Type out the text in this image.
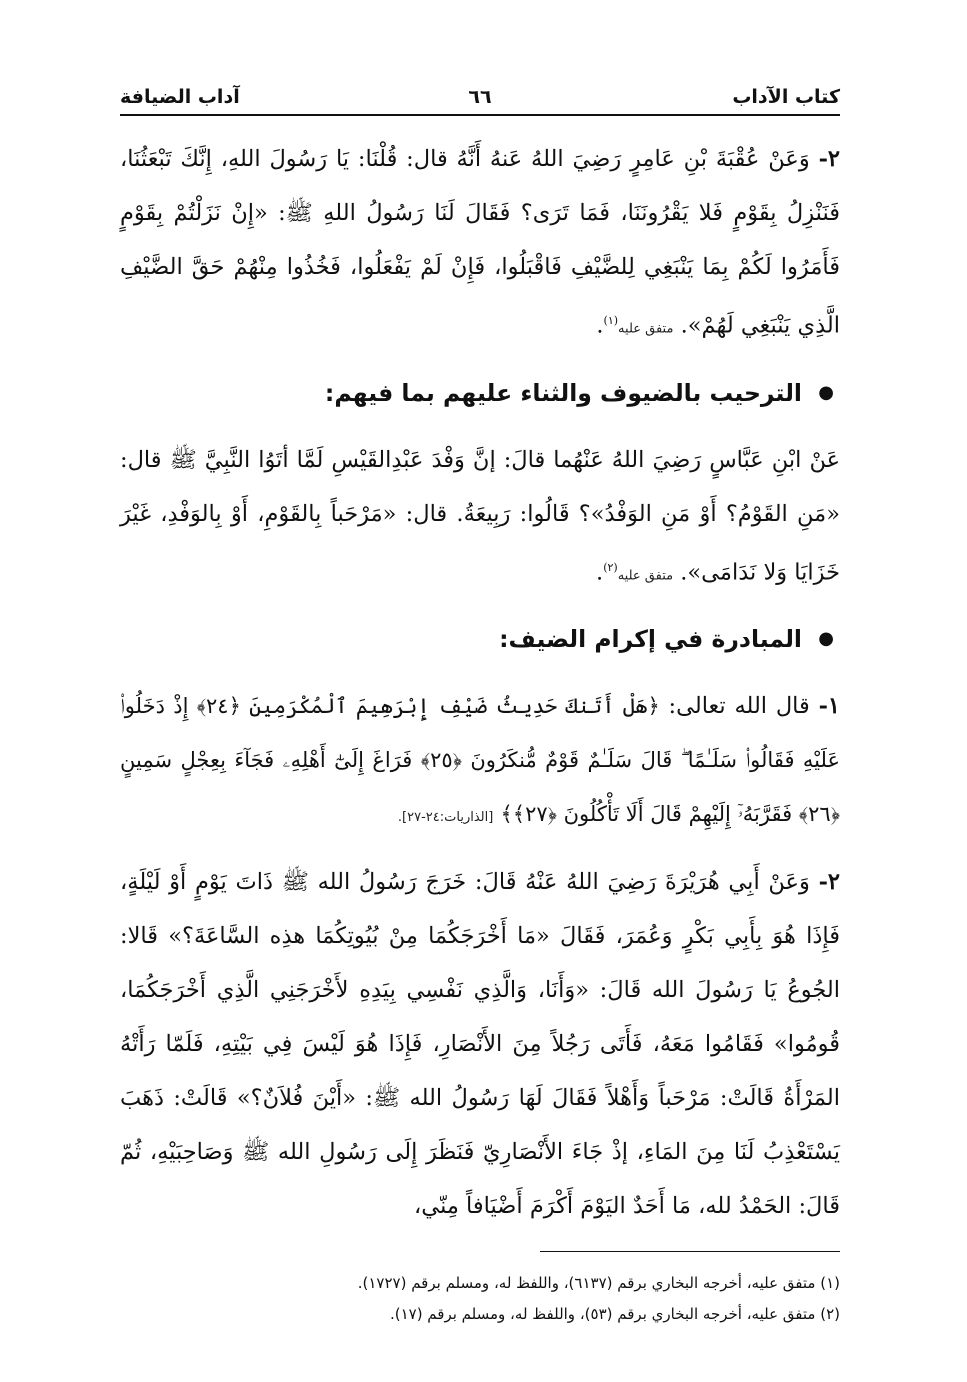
كتاب الآداب
٦٦
آداب الضيافة

٢- وَعَنْ عُقْبَةَ بْنِ عَامِرٍ رَضِيَ اللهُ عَنهُ أَنَّهُ قال: قُلْنَا: يَا رَسُولَ اللهِ، إِنَّكَ تَبْعَثُنَا، فَنَنْزِلُ بِقَوْمٍ فَلا يَقْرُونَنَا، فَمَا تَرَى؟ فَقَالَ لَنَا رَسُولُ اللهِ ﷺ: «إِنْ نَزَلْتُمْ بِقَوْمٍ فَأَمَرُوا لَكُمْ بِمَا يَنْبَغِي لِلضَّيْفِ فَاقْبَلُوا، فَإِنْ لَمْ يَفْعَلُوا، فَخُذُوا مِنْهُمْ حَقَّ الضَّيْفِ الَّذِي يَنْبَغِي لَهُمْ». متفق عليه$^{(١)}$.

●
الترحيب بالضيوف والثناء عليهم بما فيهم:

عَنْ ابْنِ عَبَّاسٍ رَضِيَ اللهُ عَنْهُما قالَ: إنَّ وَفْدَ عَبْدِالقَيْسِ لَمَّا أتَوُا النَّبِيَّ ﷺ قال: «مَنِ القَوْمُ؟ أَوْ مَنِ الوَفْدُ»؟ قَالُوا: رَبِيعَةُ. قال: «مَرْحَباً بِالقَوْمِ، أَوْ بِالوَفْدِ، غَيْرَ خَزَايَا وَلا نَدَامَى». متفق عليه$^{(٢)}$.

●
المبادرة في إكرام الضيف:

١- قال الله تعالى: ﴿هَلْ أَتَنكَ حَدِيثُ ضَيْفِ إِبْرَهِيمَ ٱلْمُكْرَمِينَ ﴿٢٤﴾ إِذْ دَخَلُوا۟ عَلَيْهِ فَقَالُوا۟ سَلَـٰمًا ۖ قَالَ سَلَـٰمٌ قَوْمٌ مُّنكَرُونَ ﴿٢٥﴾ فَرَاغَ إِلَىٰٓ أَهْلِهِۦ فَجَآءَ بِعِجْلٍ سَمِينٍ ﴿٢٦﴾ فَقَرَّبَهُۥٓ إِلَيْهِمْ قَالَ أَلَا تَأْكُلُونَ ﴿٢٧﴾﴾ [الذاريات:٢٤-٢٧].

٢- وَعَنْ أَبِي هُرَيْرَةَ رَضِيَ اللهُ عَنْهُ قَالَ: خَرَجَ رَسُولُ الله ﷺ ذَاتَ يَوْمٍ أَوْ لَيْلَةٍ، فَإِذَا هُوَ بِأَبِي بَكْرٍ وَعُمَرَ، فَقَالَ «مَا أَخْرَجَكُمَا مِنْ بُيُوتِكُمَا هذِه السَّاعَةَ؟» قَالا: الجُوعُ يَا رَسُولَ الله قَالَ: «وَأَنَا، وَالَّذِي نَفْسِي بِيَدِهِ لأَخْرَجَنِي الَّذِي أَخْرَجَكُمَا، قُومُوا» فَقَامُوا مَعَهُ، فَأَتَى رَجُلاً مِنَ الأَنْصَارِ، فَإِذَا هُوَ لَيْسَ فِي بَيْتِهِ، فَلَمّا رَأَتْهُ المَرْأَةُ قَالَتْ: مَرْحَباً وَأَهْلاً فَقَالَ لَهَا رَسُولُ الله ﷺ: «أَيْنَ فُلاَنٌ؟» قَالَتْ: ذَهَبَ يَسْتَعْذِبُ لَنَا مِنَ المَاءِ، إذْ جَاءَ الأَنْصَارِيّ فَنَظَرَ إِلَى رَسُولِ الله ﷺ وَصَاحِبَيْهِ، ثُمّ قَالَ: الحَمْدُ لله، مَا أَحَدٌ اليَوْمَ أَكْرَمَ أَضْيَافاً مِنّي،

(١) متفق عليه، أخرجه البخاري برقم (٦١٣٧)، واللفظ له، ومسلم برقم (١٧٢٧).

(٢) متفق عليه، أخرجه البخاري برقم (٥٣)، واللفظ له، ومسلم برقم (١٧).
